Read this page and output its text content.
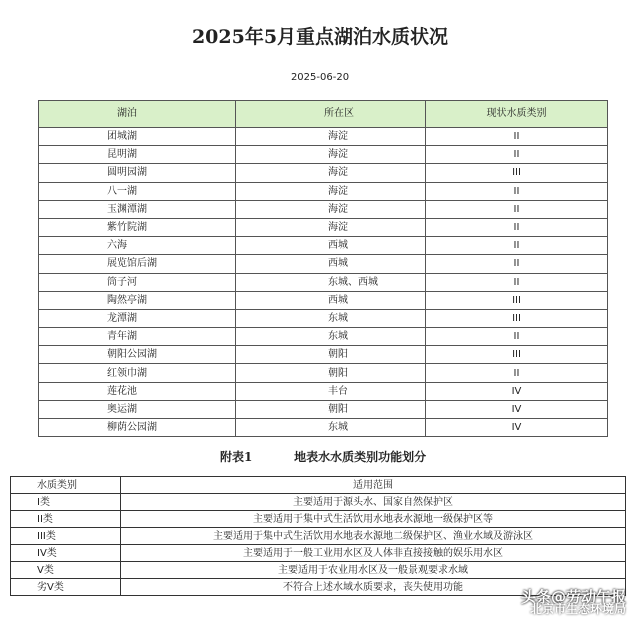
2025年5月重点湖泊水质状况
2025-06-20
湖泊	所在区	现状水质类别
团城湖	海淀	II
昆明湖	海淀	II
圆明园湖	海淀	III
八一湖	海淀	II
玉渊潭湖	海淀	II
紫竹院湖	海淀	II
六海	西城	II
展览馆后湖	西城	II
筒子河	东城、西城	II
陶然亭湖	西城	III
龙潭湖	东城	III
青年湖	东城	II
朝阳公园湖	朝阳	III
红领巾湖	朝阳	II
莲花池	丰台	IV
奥运湖	朝阳	IV
柳荫公园湖	东城	IV
附表1	地表水水质类别功能划分
水质类别	适用范围
I类	主要适用于源头水、国家自然保护区
II类	主要适用于集中式生活饮用水地表水源地一级保护区等
III类	主要适用于集中式生活饮用水地表水源地二级保护区、渔业水域及游泳区
IV类	主要适用于一般工业用水区及人体非直接接触的娱乐用水区
V类	主要适用于农业用水区及一般景观要求水域
劣V类	不符合上述水域水质要求，丧失使用功能
头条@劳动午报
北京市生态环境局
